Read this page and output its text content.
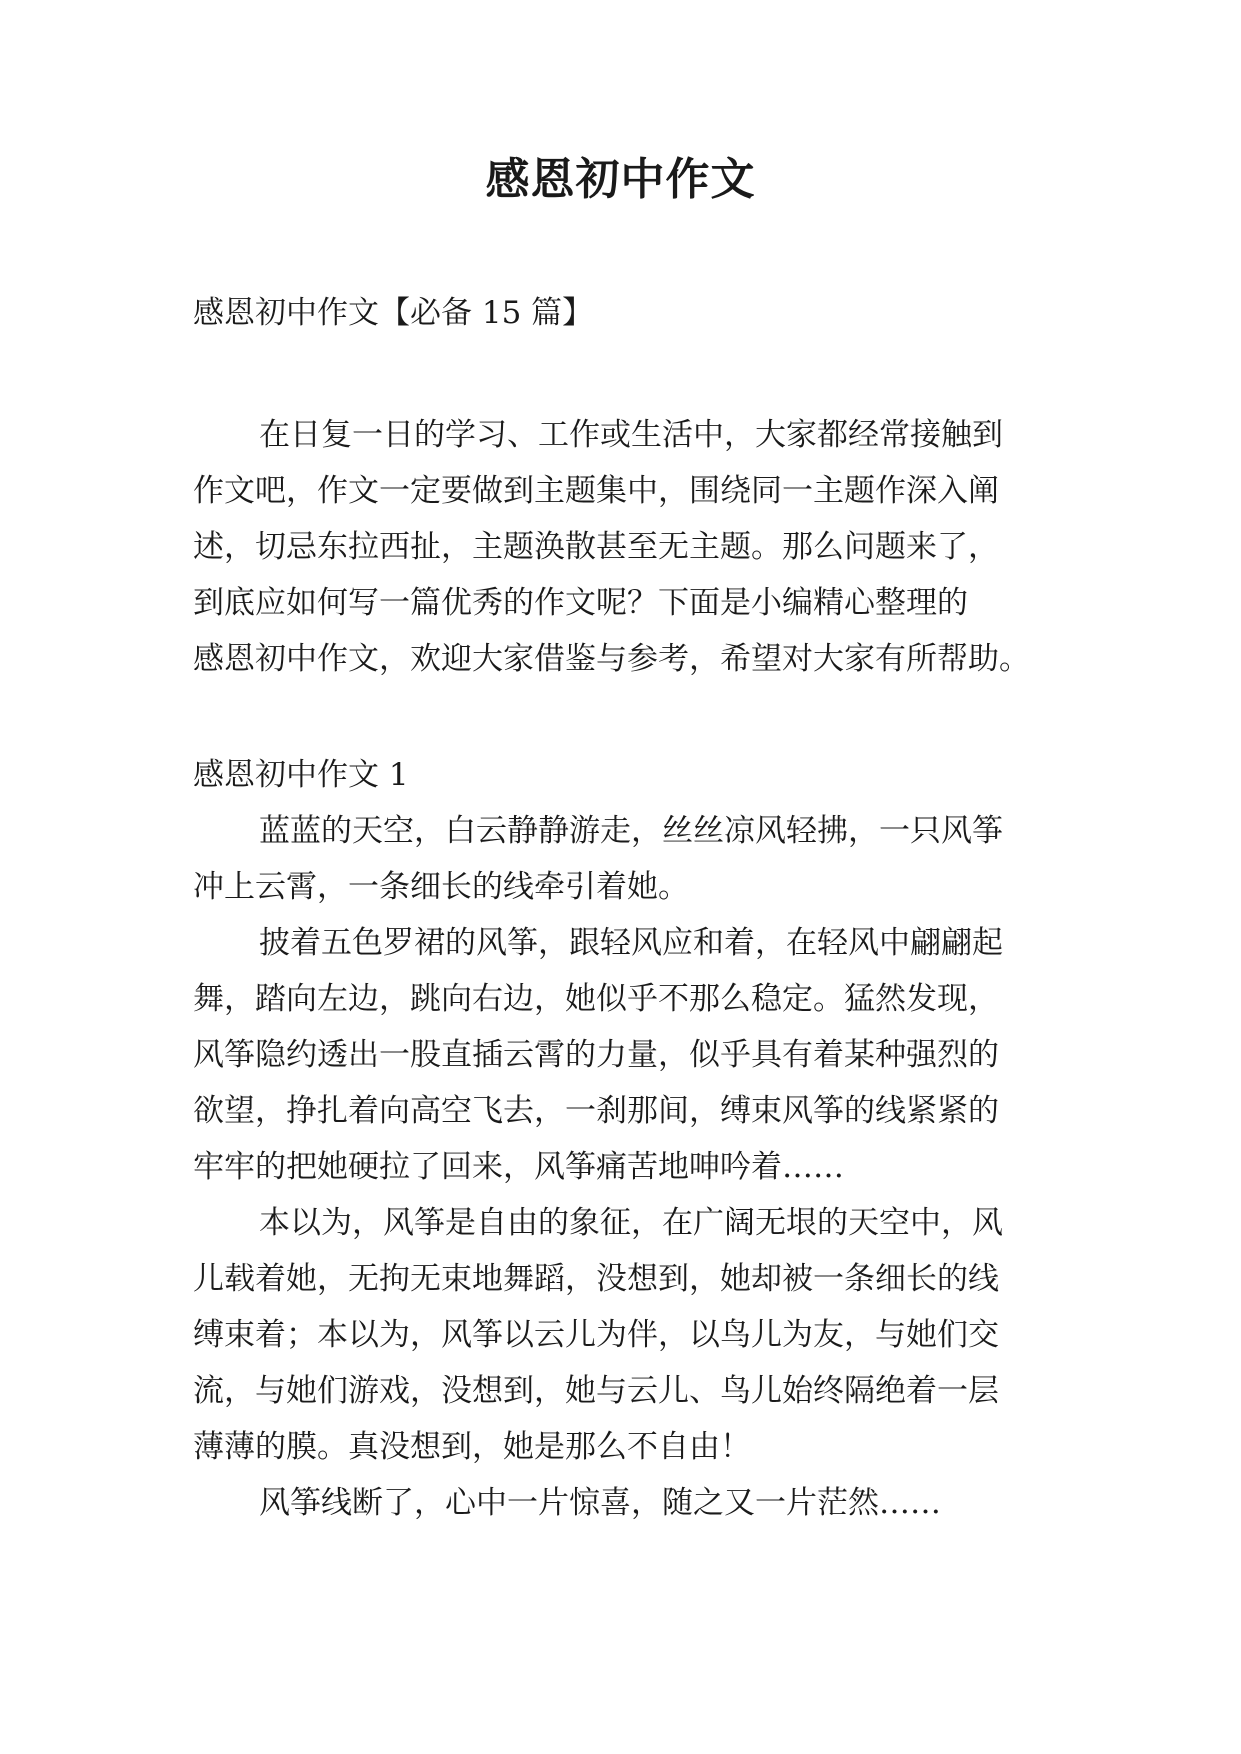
感恩初中作文
感恩初中作文【必备 15 篇】
在日复一日的学习、工作或生活中，大家都经常接触到
作文吧，作文一定要做到主题集中，围绕同一主题作深入阐
述，切忌东拉西扯，主题涣散甚至无主题。那么问题来了，
到底应如何写一篇优秀的作文呢？下面是小编精心整理的
感恩初中作文，欢迎大家借鉴与参考，希望对大家有所帮助。
感恩初中作文 1
蓝蓝的天空，白云静静游走，丝丝凉风轻拂，一只风筝
冲上云霄，一条细长的线牵引着她。
披着五色罗裙的风筝，跟轻风应和着，在轻风中翩翩起
舞，踏向左边，跳向右边，她似乎不那么稳定。猛然发现，
风筝隐约透出一股直插云霄的力量，似乎具有着某种强烈的
欲望，挣扎着向高空飞去，一刹那间，缚束风筝的线紧紧的
牢牢的把她硬拉了回来，风筝痛苦地呻吟着……
本以为，风筝是自由的象征，在广阔无垠的天空中，风
儿载着她，无拘无束地舞蹈，没想到，她却被一条细长的线
缚束着；本以为，风筝以云儿为伴，以鸟儿为友，与她们交
流，与她们游戏，没想到，她与云儿、鸟儿始终隔绝着一层
薄薄的膜。真没想到，她是那么不自由！
风筝线断了，心中一片惊喜，随之又一片茫然……
